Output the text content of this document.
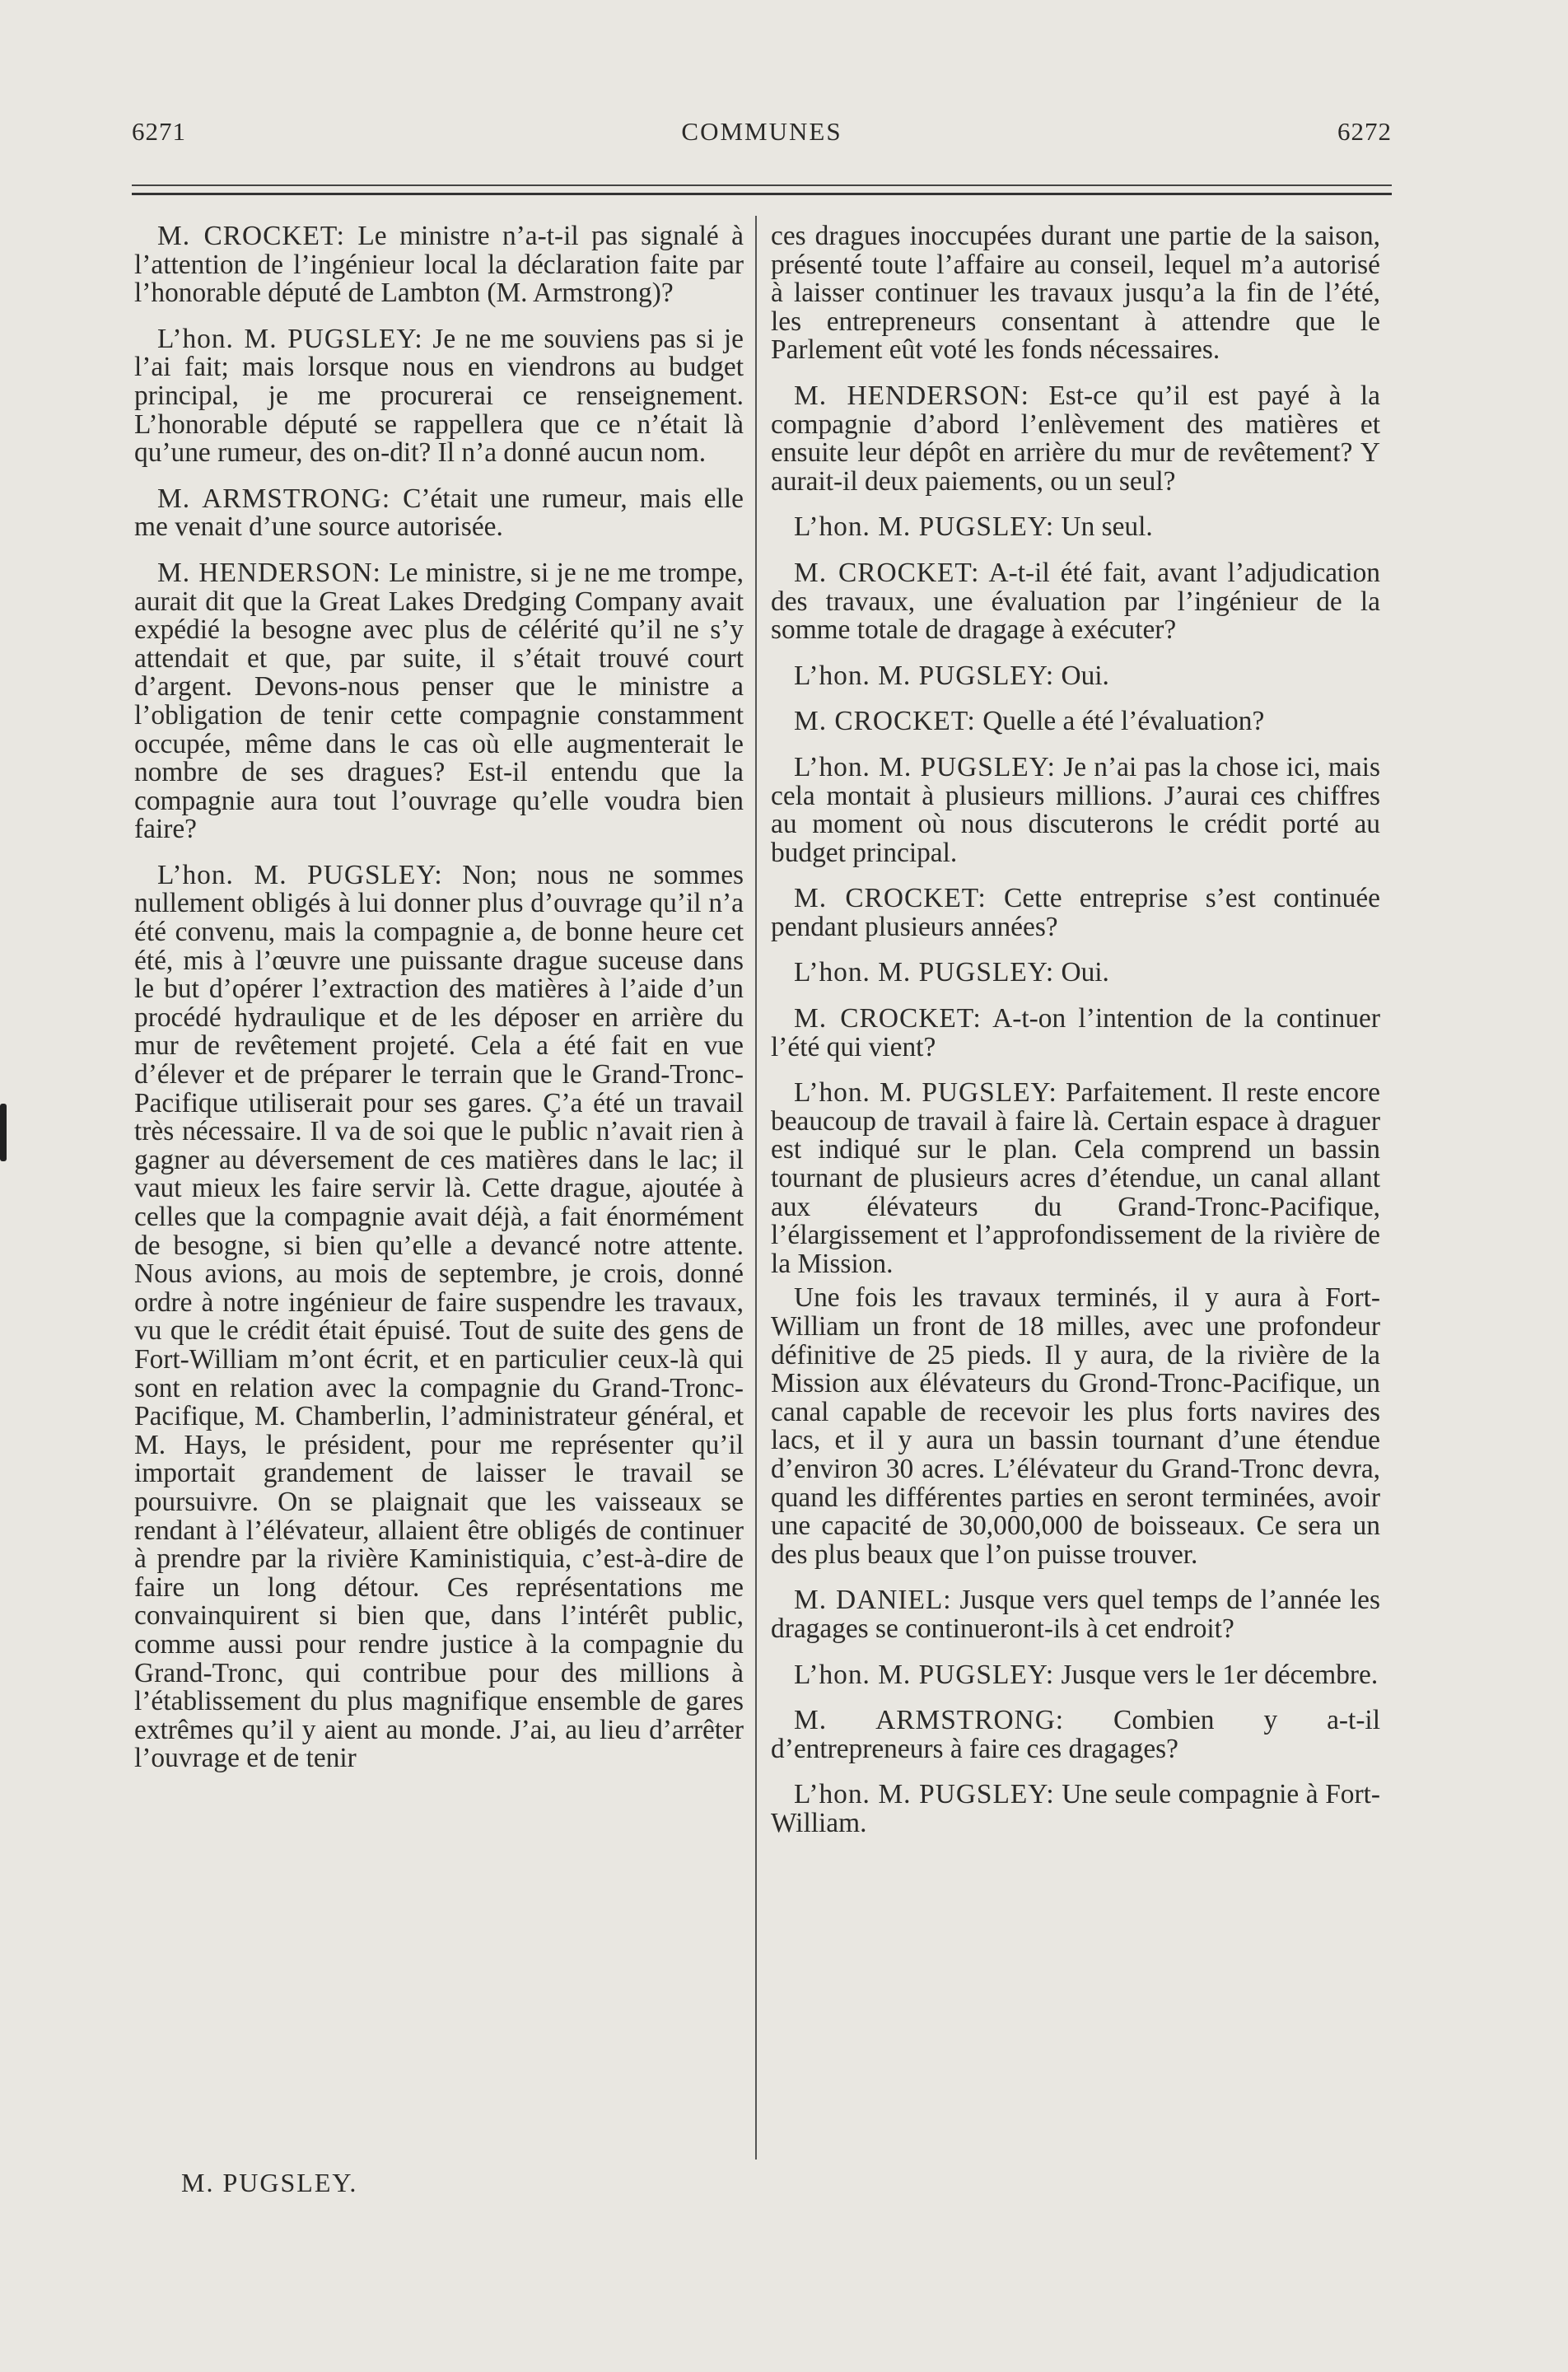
6271	COMMUNES	6272

M. CROCKET: Le ministre n’a-t-il pas signalé à l’attention de l’ingénieur local la déclaration faite par l’honorable député de Lambton (M. Armstrong)?

L’hon. M. PUGSLEY: Je ne me souviens pas si je l’ai fait; mais lorsque nous en viendrons au budget principal, je me procurerai ce renseignement. L’honorable député se rappellera que ce n’était là qu’une rumeur, des on-dit? Il n’a donné aucun nom.

M. ARMSTRONG: C’était une rumeur, mais elle me venait d’une source autorisée.

M. HENDERSON: Le ministre, si je ne me trompe, aurait dit que la Great Lakes Dredging Company avait expédié la besogne avec plus de célérité qu’il ne s’y attendait et que, par suite, il s’était trouvé court d’argent. Devons-nous penser que le ministre a l’obligation de tenir cette compagnie constamment occupée, même dans le cas où elle augmenterait le nombre de ses dragues? Est-il entendu que la compagnie aura tout l’ouvrage qu’elle voudra bien faire?

L’hon. M. PUGSLEY: Non; nous ne sommes nullement obligés à lui donner plus d’ouvrage qu’il n’a été convenu, mais la compagnie a, de bonne heure cet été, mis à l’œuvre une puissante drague suceuse dans le but d’opérer l’extraction des matières à l’aide d’un procédé hydraulique et de les déposer en arrière du mur de revêtement projeté. Cela a été fait en vue d’élever et de préparer le terrain que le Grand-Tronc-Pacifique utiliserait pour ses gares. Ç’a été un travail très nécessaire. Il va de soi que le public n’avait rien à gagner au déversement de ces matières dans le lac; il vaut mieux les faire servir là. Cette drague, ajoutée à celles que la compagnie avait déjà, a fait énormément de besogne, si bien qu’elle a devancé notre attente. Nous avions, au mois de septembre, je crois, donné ordre à notre ingénieur de faire suspendre les travaux, vu que le crédit était épuisé. Tout de suite des gens de Fort-William m’ont écrit, et en particulier ceux-là qui sont en relation avec la compagnie du Grand-Tronc-Pacifique, M. Chamberlin, l’administrateur général, et M. Hays, le président, pour me représenter qu’il importait grandement de laisser le travail se poursuivre. On se plaignait que les vaisseaux se rendant à l’élévateur, allaient être obligés de continuer à prendre par la rivière Kaministiquia, c’est-à-dire de faire un long détour. Ces représentations me convainquirent si bien que, dans l’intérêt public, comme aussi pour rendre justice à la compagnie du Grand-Tronc, qui contribue pour des millions à l’établissement du plus magnifique ensemble de gares extrêmes qu’il y aient au monde. J’ai, au lieu d’arrêter l’ouvrage et de tenir

ces dragues inoccupées durant une partie de la saison, présenté toute l’affaire au conseil, lequel m’a autorisé à laisser continuer les travaux jusqu’a la fin de l’été, les entrepreneurs consentant à attendre que le Parlement eût voté les fonds nécessaires.

M. HENDERSON: Est-ce qu’il est payé à la compagnie d’abord l’enlèvement des matières et ensuite leur dépôt en arrière du mur de revêtement? Y aurait-il deux paiements, ou un seul?

L’hon. M. PUGSLEY: Un seul.

M. CROCKET: A-t-il été fait, avant l’adjudication des travaux, une évaluation par l’ingénieur de la somme totale de dragage à exécuter?

L’hon. M. PUGSLEY: Oui.

M. CROCKET: Quelle a été l’évaluation?

L’hon. M. PUGSLEY: Je n’ai pas la chose ici, mais cela montait à plusieurs millions. J’aurai ces chiffres au moment où nous discuterons le crédit porté au budget principal.

M. CROCKET: Cette entreprise s’est continuée pendant plusieurs années?

L’hon. M. PUGSLEY: Oui.

M. CROCKET: A-t-on l’intention de la continuer l’été qui vient?

L’hon. M. PUGSLEY: Parfaitement. Il reste encore beaucoup de travail à faire là. Certain espace à draguer est indiqué sur le plan. Cela comprend un bassin tournant de plusieurs acres d’étendue, un canal allant aux élévateurs du Grand-Tronc-Pacifique, l’élargissement et l’approfondissement de la rivière de la Mission.

Une fois les travaux terminés, il y aura à Fort-William un front de 18 milles, avec une profondeur définitive de 25 pieds. Il y aura, de la rivière de la Mission aux élévateurs du Grond-Tronc-Pacifique, un canal capable de recevoir les plus forts navires des lacs, et il y aura un bassin tournant d’une étendue d’environ 30 acres. L’élévateur du Grand-Tronc devra, quand les différentes parties en seront terminées, avoir une capacité de 30,000,000 de boisseaux. Ce sera un des plus beaux que l’on puisse trouver.

M. DANIEL: Jusque vers quel temps de l’année les dragages se continueront-ils à cet endroit?

L’hon. M. PUGSLEY: Jusque vers le 1er décembre.

M. ARMSTRONG: Combien y a-t-il d’entrepreneurs à faire ces dragages?

L’hon. M. PUGSLEY: Une seule compagnie à Fort-William.

M. PUGSLEY.
